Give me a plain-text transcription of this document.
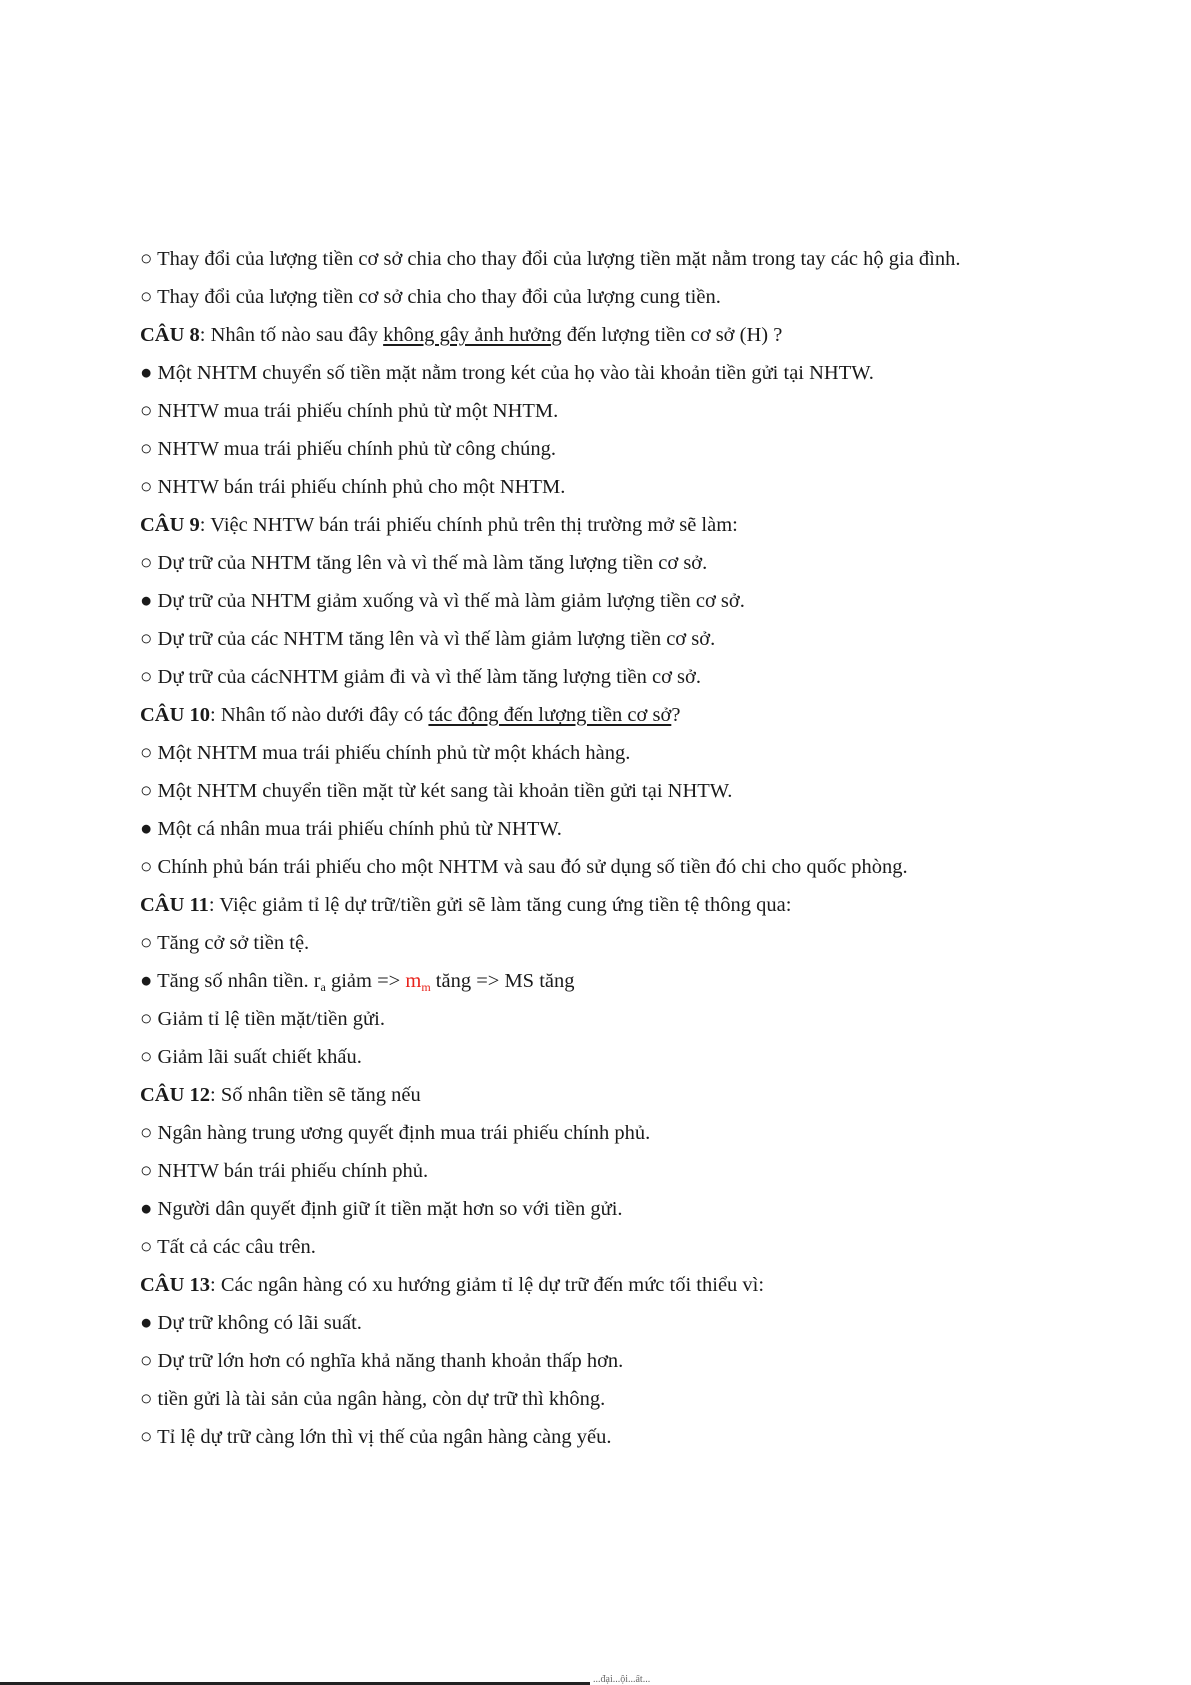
○ Thay đổi của lượng tiền cơ sở chia cho thay đổi của lượng tiền mặt nằm trong tay các hộ gia đình.
○ Thay đổi của lượng tiền cơ sở chia cho thay đổi của lượng cung tiền.
CÂU 8: Nhân tố nào sau đây không gây ảnh hưởng đến lượng tiền cơ sở (H) ?
● Một NHTM chuyển số tiền mặt nằm trong két của họ vào tài khoản tiền gửi tại NHTW.
○ NHTW mua trái phiếu chính phủ từ một NHTM.
○ NHTW mua trái phiếu chính phủ từ công chúng.
○ NHTW bán trái phiếu chính phủ cho một NHTM.
CÂU 9: Việc NHTW bán trái phiếu chính phủ trên thị trường mở sẽ làm:
○ Dự trữ của NHTM tăng lên và vì thế mà làm tăng lượng tiền cơ sở.
● Dự trữ của NHTM giảm xuống và vì thế mà làm giảm lượng tiền cơ sở.
○ Dự trữ của các NHTM tăng lên và vì thế làm giảm lượng tiền cơ sở.
○ Dự trữ của cácNHTM giảm đi và vì thế làm tăng lượng tiền cơ sở.
CÂU 10: Nhân tố nào dưới đây có tác động đến lượng tiền cơ sở?
○ Một NHTM mua trái phiếu chính phủ từ một khách hàng.
○ Một NHTM chuyển tiền mặt từ két sang tài khoản tiền gửi tại NHTW.
● Một cá nhân mua trái phiếu chính phủ từ NHTW.
○ Chính phủ bán trái phiếu cho một NHTM và sau đó sử dụng số tiền đó chi cho quốc phòng.
CÂU 11: Việc giảm tỉ lệ dự trữ/tiền gửi sẽ làm tăng cung ứng tiền tệ thông qua:
○ Tăng cở sở tiền tệ.
● Tăng số nhân tiền. $r_a$ giảm => $m_m$ tăng => MS tăng
○ Giảm tỉ lệ tiền mặt/tiền gửi.
○ Giảm lãi suất chiết khấu.
CÂU 12: Số nhân tiền sẽ tăng nếu
○ Ngân hàng trung ương quyết định mua trái phiếu chính phủ.
○ NHTW bán trái phiếu chính phủ.
● Người dân quyết định giữ ít tiền mặt hơn so với tiền gửi.
○ Tất cả các câu trên.
CÂU 13: Các ngân hàng có xu hướng giảm tỉ lệ dự trữ đến mức tối thiểu vì:
● Dự trữ không có lãi suất.
○ Dự trữ lớn hơn có nghĩa khả năng thanh khoản thấp hơn.
○ tiền gửi là tài sản của ngân hàng, còn dự trữ thì không.
○ Tỉ lệ dự trữ càng lớn thì vị thế của ngân hàng càng yếu.
...đại...ội...ất...
